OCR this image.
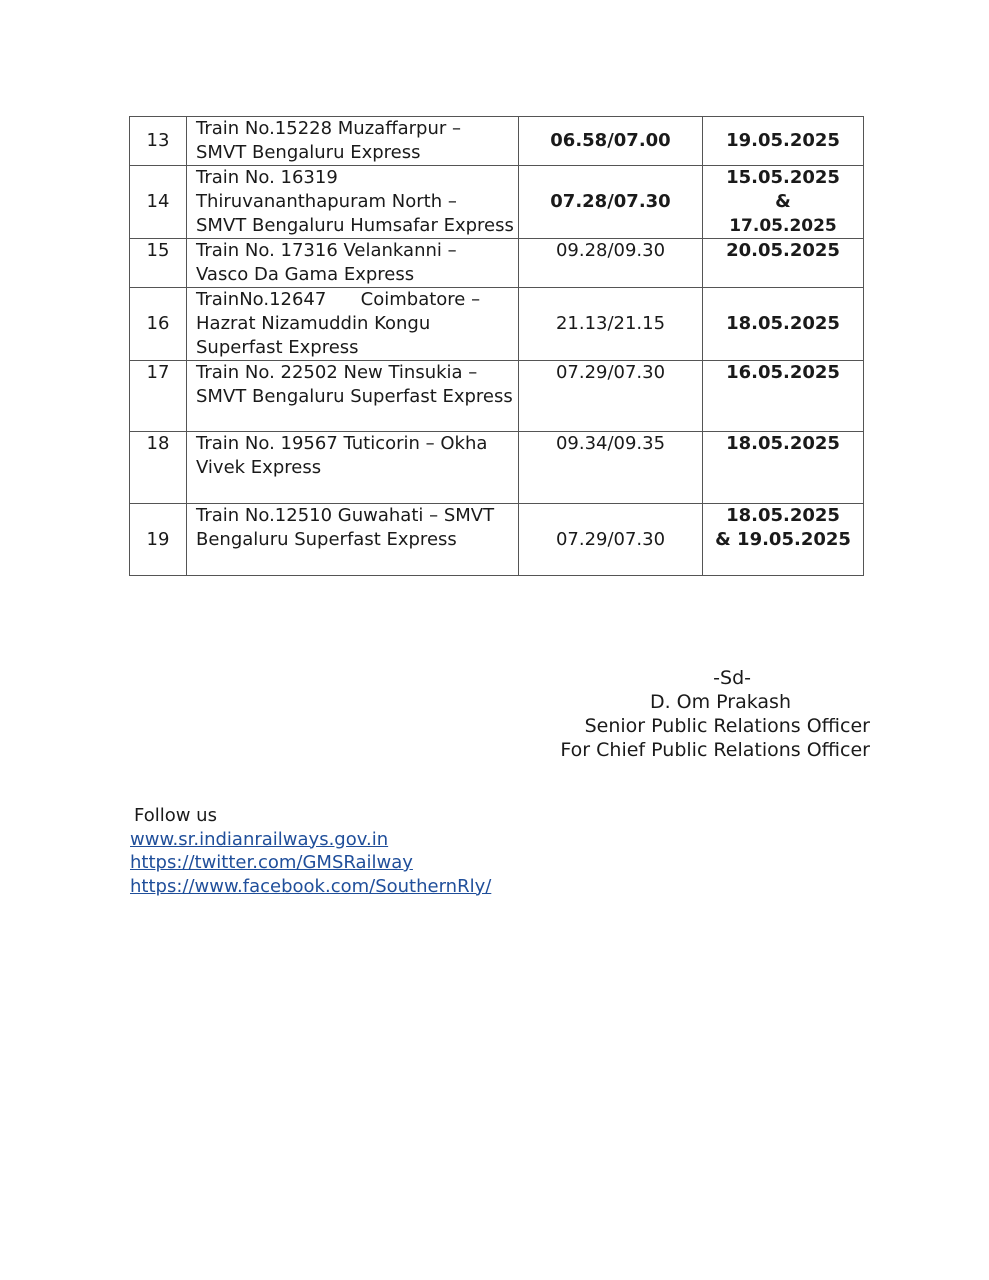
13	Train No.15228 Muzaffarpur –
SMVT Bengaluru Express	06.58/07.00	19.05.2025

14	Train No. 16319
Thiruvananthapuram North –
SMVT Bengaluru Humsafar Express	07.28/07.30	15.05.2025
&
17.05.2025

15	Train No. 17316 Velankanni –
Vasco Da Gama Express	09.28/09.30	20.05.2025

16	TrainNo.12647      Coimbatore –
Hazrat Nizamuddin Kongu
Superfast Express	21.13/21.15	18.05.2025

17	Train No. 22502 New Tinsukia –
SMVT Bengaluru Superfast Express	07.29/07.30	16.05.2025

18	Train No. 19567 Tuticorin – Okha
Vivek Express	09.34/09.35	18.05.2025

19	Train No.12510 Guwahati – SMVT
Bengaluru Superfast Express	07.29/07.30	18.05.2025
& 19.05.2025
-Sd-
D. Om Prakash
Senior Public Relations Officer
For Chief Public Relations Officer
Follow us
www.sr.indianrailways.gov.in
https://twitter.com/GMSRailway
https://www.facebook.com/SouthernRly/
